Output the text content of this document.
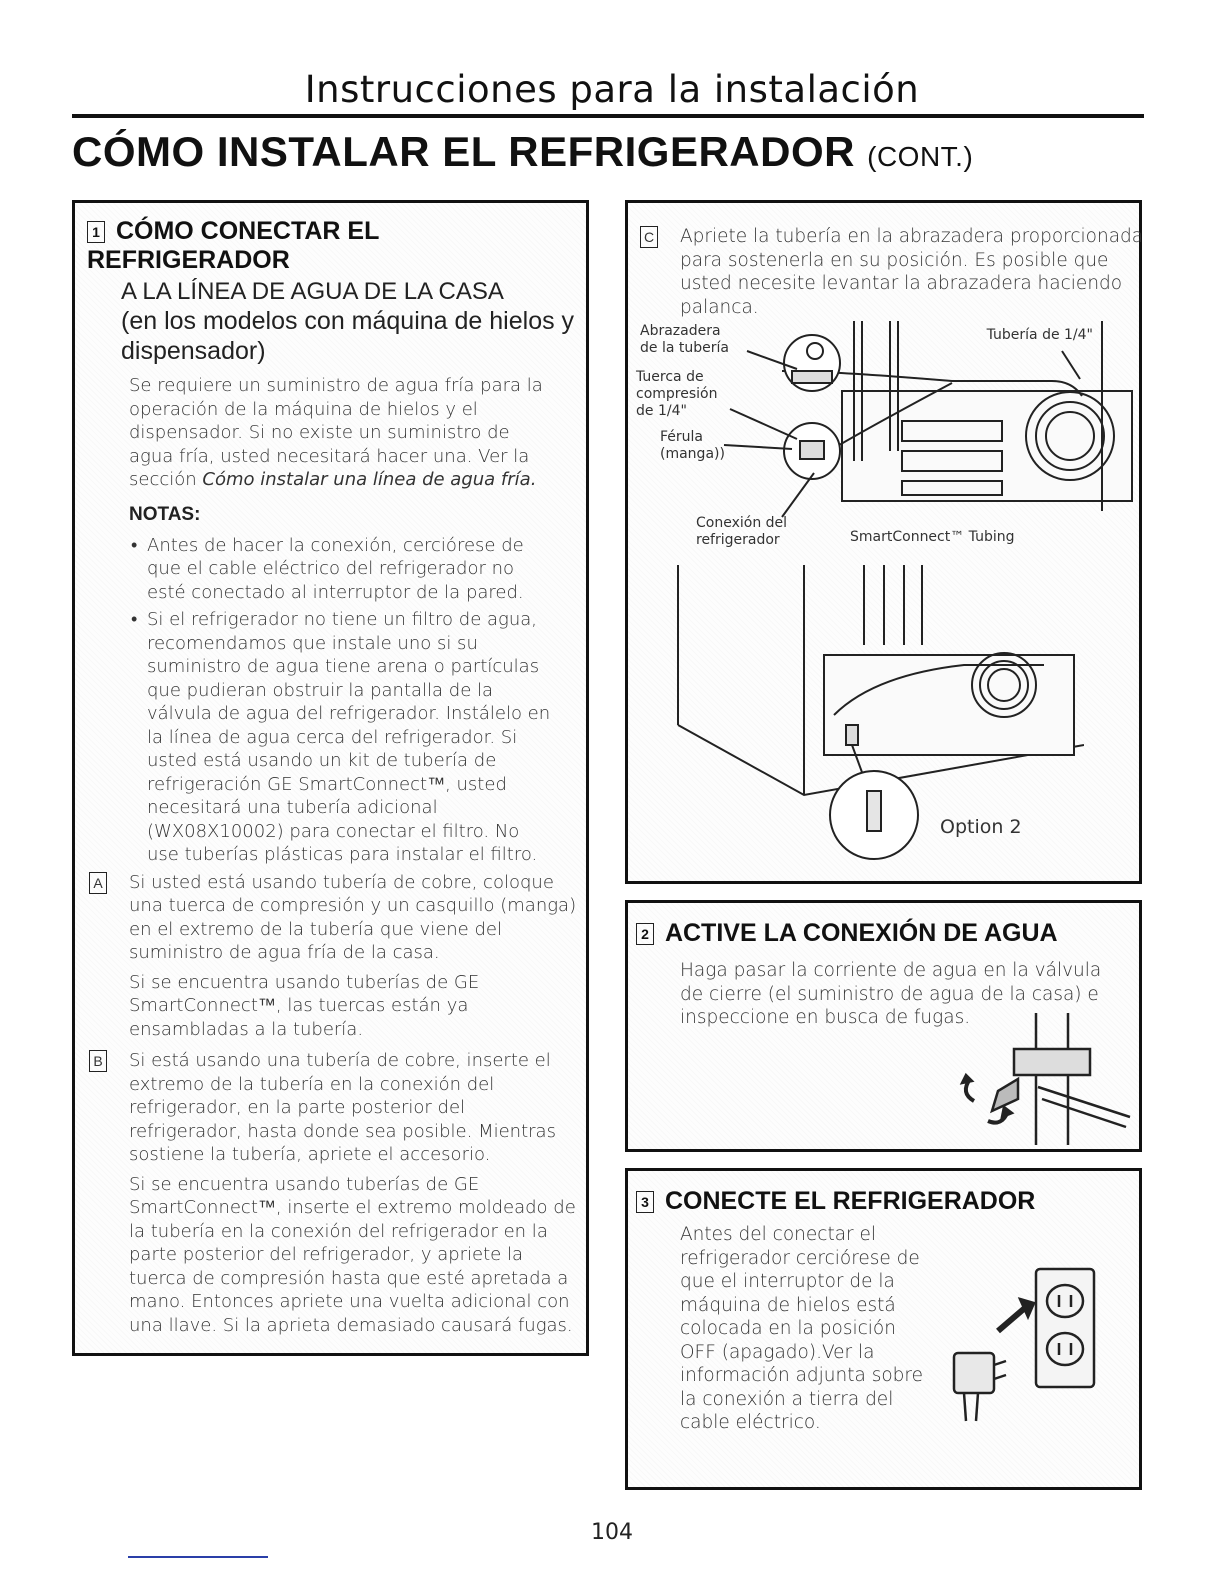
Instrucciones para la instalación
CÓMO INSTALAR EL REFRIGERADOR (CONT.)
1 CÓMO CONECTAR EL REFRIGERADOR
A LA LÍNEA DE AGUA DE LA CASA
(en los modelos con máquina de hielos y dispensador)
Se requiere un suministro de agua fría para la operación de la máquina de hielos y el dispensador. Si no existe un suministro de agua fría, usted necesitará hacer una. Ver la sección Cómo instalar una línea de agua fría.
NOTAS:
• Antes de hacer la conexión, cerciórese de que el cable eléctrico del refrigerador no esté conectado al interruptor de la pared.
• Si el refrigerador no tiene un filtro de agua, recomendamos que instale uno si su suministro de agua tiene arena o partículas que pudieran obstruir la pantalla de la válvula de agua del refrigerador. Instálelo en la línea de agua cerca del refrigerador. Si usted está usando un kit de tubería de refrigeración GE SmartConnect™, usted necesitará una tubería adicional (WX08X10002) para conectar el filtro. No use tuberías plásticas para instalar el filtro.
A Si usted está usando tubería de cobre, coloque una tuerca de compresión y un casquillo (manga) en el extremo de la tubería que viene del suministro de agua fría de la casa.
Si se encuentra usando tuberías de GE SmartConnect™, las tuercas están ya ensambladas a la tubería.
B Si está usando una tubería de cobre, inserte el extremo de la tubería en la conexión del refrigerador, en la parte posterior del refrigerador, hasta donde sea posible. Mientras sostiene la tubería, apriete el accesorio.
Si se encuentra usando tuberías de GE SmartConnect™, inserte el extremo moldeado de la tubería en la conexión del refrigerador en la parte posterior del refrigerador, y apriete la tuerca de compresión hasta que esté apretada a mano. Entonces apriete una vuelta adicional con una llave. Si la aprieta demasiado causará fugas.
C Apriete la tubería en la abrazadera proporcionada para sostenerla en su posición. Es posible que usted necesite levantar la abrazadera haciendo palanca.
Abrazadera de la tubería
Tuerca de compresión de 1/4"
Férula (manga))
Tubería de 1/4"
Conexión del refrigerador	SmartConnect™ Tubing
Option 2
2 ACTIVE LA CONEXIÓN DE AGUA
Haga pasar la corriente de agua en la válvula de cierre (el suministro de agua de la casa) e inspeccione en busca de fugas.
3 CONECTE EL REFRIGERADOR
Antes del conectar el refrigerador cerciórese de que el interruptor de la máquina de hielos está colocada en la posición OFF (apagado).Ver la información adjunta sobre la conexión a tierra del cable eléctrico.
104
